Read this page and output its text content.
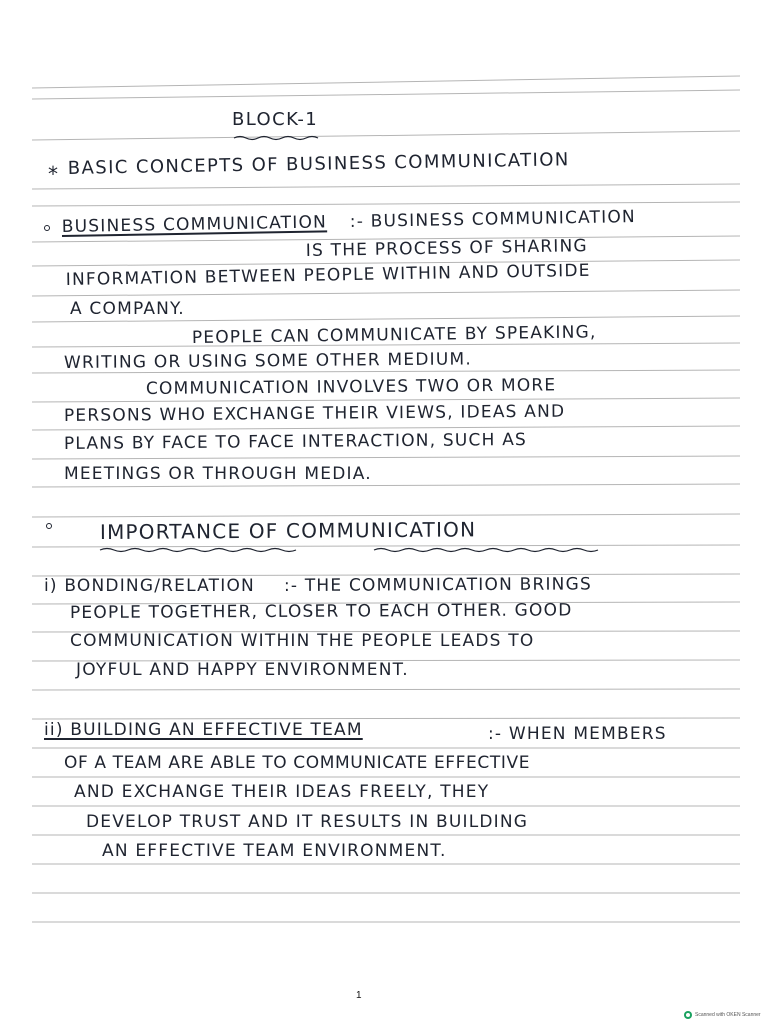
BLOCK-1
* BASIC CONCEPTS OF BUSINESS COMMUNICATION
BUSINESS COMMUNICATION :- BUSINESS COMMUNICATION
IS THE PROCESS OF SHARING
INFORMATION BETWEEN PEOPLE WITHIN AND OUTSIDE
A COMPANY.
PEOPLE CAN COMMUNICATE BY SPEAKING,
WRITING OR USING SOME OTHER MEDIUM.
COMMUNICATION INVOLVES TWO OR MORE
PERSONS WHO EXCHANGE THEIR VIEWS, IDEAS AND
PLANS BY FACE TO FACE INTERACTION, SUCH AS
MEETINGS OR THROUGH MEDIA.
IMPORTANCE OF COMMUNICATION
i) BONDING/RELATION :- THE COMMUNICATION BRINGS
PEOPLE TOGETHER, CLOSER TO EACH OTHER. GOOD
COMMUNICATION WITHIN THE PEOPLE LEADS TO
JOYFUL AND HAPPY ENVIRONMENT.
ii) BUILDING AN EFFECTIVE TEAM	:- WHEN MEMBERS
OF A TEAM ARE ABLE TO COMMUNICATE EFFECTIVE
AND EXCHANGE THEIR IDEAS FREELY, THEY
DEVELOP TRUST AND IT RESULTS IN BUILDING
AN EFFECTIVE TEAM ENVIRONMENT.
1
Scanned with OKEN Scanner
